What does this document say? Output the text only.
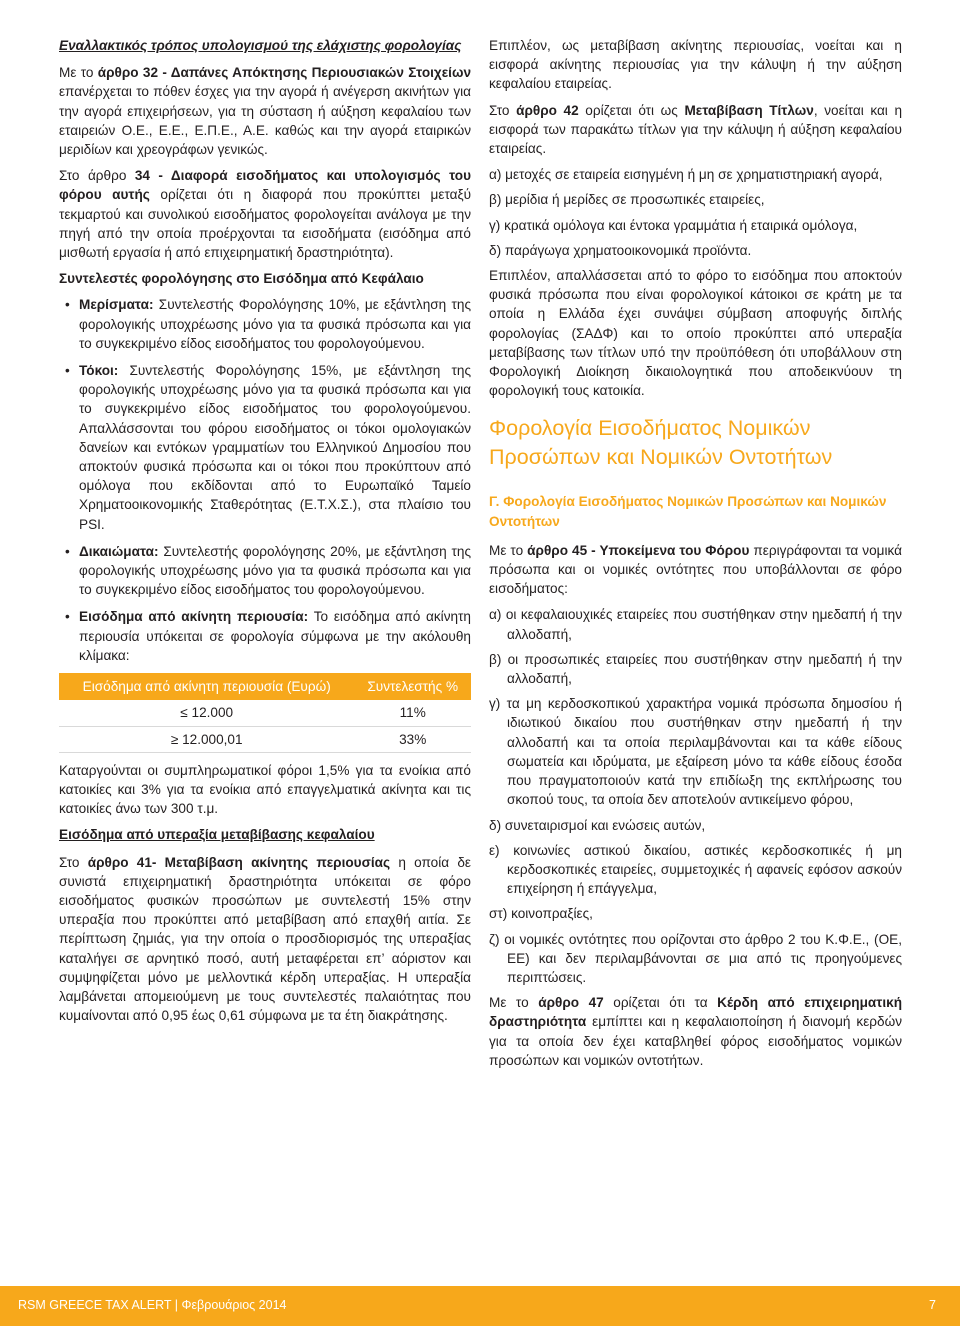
Εναλλακτικός τρόπος υπολογισμού της ελάχιστης φορολογίας

Με το άρθρο 32 - Δαπάνες Απόκτησης Περιουσιακών Στοιχείων επανέρχεται το πόθεν έσχες για την αγορά ή ανέγερση ακινήτων για την αγορά επιχειρήσεων, για τη σύσταση ή αύξηση κεφαλαίου των εταιρειών Ο.Ε., Ε.Ε., Ε.Π.Ε., Α.Ε. καθώς και την αγορά εταιρικών μεριδίων και χρεογράφων γενικώς.

Στο άρθρο 34 - Διαφορά εισοδήματος και υπολογισμός του φόρου αυτής ορίζεται ότι η διαφορά που προκύπτει μεταξύ τεκμαρτού και συνολικού εισοδήματος φορολογείται ανάλογα με την πηγή από την οποία προέρχονται τα εισοδήματα (εισόδημα από μισθωτή εργασία ή από επιχειρηματική δραστηριότητα).

Συντελεστές φορολόγησης στο Εισόδημα από Κεφάλαιο

• Μερίσματα: Συντελεστής Φορολόγησης 10%, με εξάντληση της φορολογικής υποχρέωσης μόνο για τα φυσικά πρόσωπα και για το συγκεκριμένο είδος εισοδήματος του φορολογούμενου.
• Τόκοι: Συντελεστής Φορολόγησης 15%, με εξάντληση της φορολογικής υποχρέωσης μόνο για τα φυσικά πρόσωπα και για το συγκεκριμένο είδος εισοδήματος του φορολογούμενου. Απαλλάσσονται του φόρου εισοδήματος οι τόκοι ομολογιακών δανείων και εντόκων γραμματίων του Ελληνικού Δημοσίου που αποκτούν φυσικά πρόσωπα και οι τόκοι που προκύπτουν από ομόλογα που εκδίδονται από το Ευρωπαϊκό Ταμείο Χρηματοοικονομικής Σταθερότητας (Ε.Τ.Χ.Σ.), στα πλαίσιο του PSI.
• Δικαιώματα: Συντελεστής φορολόγησης 20%, με εξάντληση της φορολογικής υποχρέωσης μόνο για τα φυσικά πρόσωπα και για το συγκεκριμένο είδος εισοδήματος του φορολογούμενου.
• Εισόδημα από ακίνητη περιουσία: Το εισόδημα από ακίνητη περιουσία υπόκειται σε φορολογία σύμφωνα με την ακόλουθη κλίμακα:
Εισόδημα από ακίνητη περιουσία (Ευρώ)	Συντελεστής %
≤ 12.000	11%
≥ 12.000,01	33%

Καταργούνται οι συμπληρωματικοί φόροι 1,5% για τα ενοίκια από κατοικίες και 3% για τα ενοίκια από επαγγελματικά ακίνητα και τις κατοικίες άνω των 300 τ.μ.

Εισόδημα από υπεραξία μεταβίβασης κεφαλαίου

Στο άρθρο 41- Μεταβίβαση ακίνητης περιουσίας η οποία δε συνιστά επιχειρηματική δραστηριότητα υπόκειται σε φόρο εισοδήματος φυσικών προσώπων με συντελεστή 15% στην υπεραξία που προκύπτει από μεταβίβαση από επαχθή αιτία. Σε περίπτωση ζημιάς, για την οποία ο προσδιορισμός της υπεραξίας καταλήγει σε αρνητικό ποσό, αυτή μεταφέρεται επ’ αόριστον και συμψηφίζεται μόνο με μελλοντικά κέρδη υπεραξίας. Η υπεραξία λαμβάνεται απομειούμενη με τους συντελεστές παλαιότητας που κυμαίνονται από 0,95 έως 0,61 σύμφωνα με τα έτη διακράτησης.

Επιπλέον, ως μεταβίβαση ακίνητης περιουσίας, νοείται και η εισφορά ακίνητης περιουσίας για την κάλυψη ή την αύξηση κεφαλαίου εταιρείας.

Στο άρθρο 42 ορίζεται ότι ως Μεταβίβαση Τίτλων, νοείται και η εισφορά των παρακάτω τίτλων για την κάλυψη ή αύξηση κεφαλαίου εταιρείας.

α) μετοχές σε εταιρεία εισηγμένη ή μη σε χρηματιστηριακή αγορά,

β) μερίδια ή μερίδες σε προσωπικές εταιρείες,

γ) κρατικά ομόλογα και έντοκα γραμμάτια ή εταιρικά ομόλογα,

δ) παράγωγα χρηματοοικονομικά προϊόντα.

Επιπλέον, απαλλάσσεται από το φόρο το εισόδημα που αποκτούν φυσικά πρόσωπα που είναι φορολογικοί κάτοικοι σε κράτη με τα οποία η Ελλάδα έχει συνάψει σύμβαση αποφυγής διπλής φορολογίας (ΣΑΔΦ) και το οποίο προκύπτει από υπεραξία μεταβίβασης των τίτλων υπό την προϋπόθεση ότι υποβάλλουν στη Φορολογική Διοίκηση δικαιολογητικά που αποδεικνύουν τη φορολογική τους κατοικία.

Φορολογία Εισοδήματος Νομικών Προσώπων και Νομικών Οντοτήτων

Γ. Φορολογία Εισοδήματος Νομικών Προσώπων και Νομικών Οντοτήτων

Με το άρθρο 45 - Υποκείμενα του Φόρου περιγράφονται τα νομικά πρόσωπα και οι νομικές οντότητες που υποβάλλονται σε φόρο εισοδήματος:

α) οι κεφαλαιουχικές εταιρείες που συστήθηκαν στην ημεδαπή ή την αλλοδαπή,

β) οι προσωπικές εταιρείες που συστήθηκαν στην ημεδαπή ή την αλλοδαπή,

γ) τα μη κερδοσκοπικού χαρακτήρα νομικά πρόσωπα δημοσίου ή ιδιωτικού δικαίου που συστήθηκαν στην ημεδαπή ή την αλλοδαπή και τα οποία περιλαμβάνονται και τα κάθε είδους σωματεία και ιδρύματα, με εξαίρεση μόνο τα κάθε είδους έσοδα που πραγματοποιούν κατά την επιδίωξη της εκπλήρωσης του σκοπού τους, τα οποία δεν αποτελούν αντικείμενο φόρου,

δ) συνεταιρισμοί και ενώσεις αυτών,

ε) κοινωνίες αστικού δικαίου, αστικές κερδοσκοπικές ή μη κερδοσκοπικές εταιρείες, συμμετοχικές ή αφανείς εφόσον ασκούν επιχείρηση ή επάγγελμα,

στ) κοινοπραξίες,

ζ) οι νομικές οντότητες που ορίζονται στο άρθρο 2 του Κ.Φ.Ε., (ΟΕ, ΕΕ) και δεν περιλαμβάνονται σε μια από τις προηγούμενες περιπτώσεις.

Με το άρθρο 47 ορίζεται ότι τα Κέρδη από επιχειρηματική δραστηριότητα εμπίπτει και η κεφαλαιοποίηση ή διανομή κερδών για τα οποία δεν έχει καταβληθεί φόρος εισοδήματος νομικών προσώπων και νομικών οντοτήτων.

RSM GREECE TAX ALERT | Φεβρουάριος 2014	7
